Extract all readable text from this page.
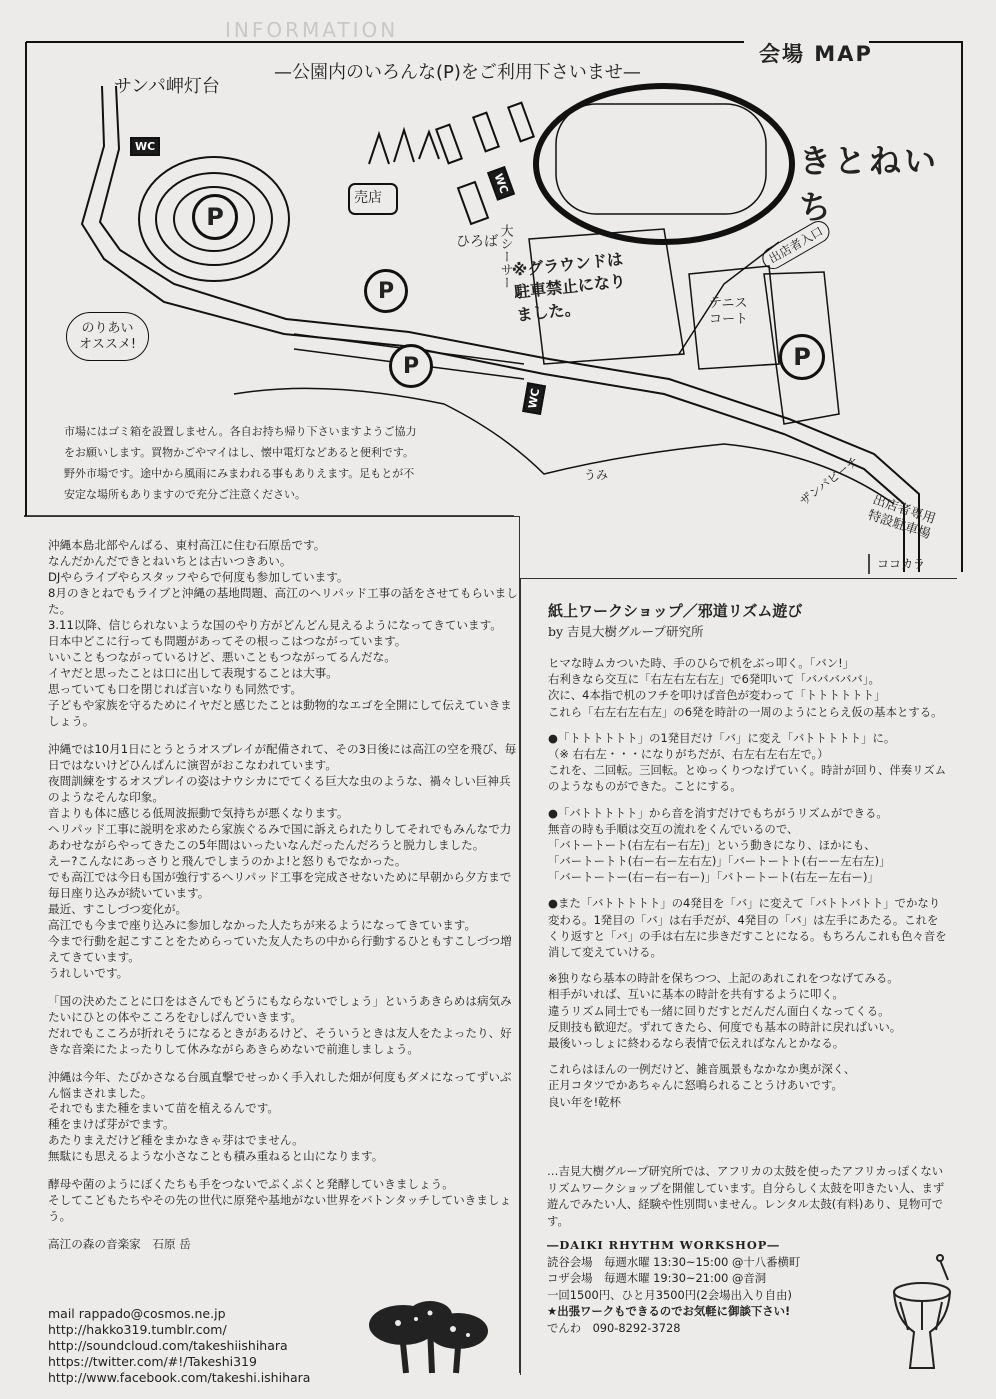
INFORMATION
会場 MAP
—公園内のいろんな(P)をご利用下さいませ—
サンパ岬灯台
きとねいち
※グラウンドは
駐車禁止になり
ました。
売店
ひろば 大シーサー
テニスコート
出店者入口
うみ	ザンパビーチ
のりあい
オススメ!
出店者専用
特設駐車場
ココカラ
P
P
P	P
WC
WC
WC
市場にはゴミ箱を設置しません。各自お持ち帰り下さいますようご協力をお願いします。買物かごやマイはし、懐中電灯などあると便利です。野外市場です。途中から風雨にみまわれる事もありえます。足もとが不安定な場所もありますので充分ご注意ください。

沖縄本島北部やんばる、東村高江に住む石原岳です。
なんだかんだできとねいちとは古いつきあい。
DJやらライブやらスタッフやらで何度も参加しています。
8月のきとねでもライブと沖縄の基地問題、高江のヘリパッド工事の話をさせてもらいました。
3.11以降、信じられないような国のやり方がどんどん見えるようになってきています。
日本中どこに行っても問題があってその根っこはつながっています。
いいこともつながっているけど、悪いこともつながってるんだな。
イヤだと思ったことは口に出して表現することは大事。
思っていても口を閉じれば言いなりも同然です。
子どもや家族を守るためにイヤだと感じたことは動物的なエゴを全開にして伝えていきましょう。

沖縄では10月1日にとうとうオスプレイが配備されて、その3日後には高江の空を飛び、毎日ではないけどひんぱんに演習がおこなわれています。
夜間訓練をするオスプレイの姿はナウシカにでてくる巨大な虫のような、禍々しい巨神兵のようなそんな印象。
音よりも体に感じる低周波振動で気持ちが悪くなります。
ヘリパッド工事に説明を求めたら家族ぐるみで国に訴えられたりしてそれでもみんなで力あわせながらやってきたこの5年間はいったいなんだったんだろうと脱力しました。
えー?こんなにあっさりと飛んでしまうのかよ!と怒りもでなかった。
でも高江では今日も国が強行するヘリパッド工事を完成させないために早朝から夕方まで毎日座り込みが続いています。
最近、すこしづつ変化が。
高江でも今まで座り込みに参加しなかった人たちが来るようになってきています。
今まで行動を起こすことをためらっていた友人たちの中から行動するひともすこしづつ増えてきています。
うれしいです。

「国の決めたことに口をはさんでもどうにもならないでしょう」というあきらめは病気みたいにひとの体やこころをむしばんでいきます。
だれでもこころが折れそうになるときがあるけど、そういうときは友人をたよったり、好きな音楽にたよったりして休みながらあきらめないで前進しましょう。

沖縄は今年、たびかさなる台風直撃でせっかく手入れした畑が何度もダメになってずいぶん悩まされました。
それでもまた種をまいて苗を植えるんです。
種をまけば芽がでます。
あたりまえだけど種をまかなきゃ芽はでません。
無駄にも思えるような小さなことも積み重ねると山になります。

酵母や菌のようにぼくたちも手をつないでぷくぷくと発酵していきましょう。
そしてこどもたちやその先の世代に原発や基地がない世界をバトンタッチしていきましょう。

高江の森の音楽家　石原 岳

mail rappado@cosmos.ne.jp
http://hakko319.tumblr.com/
http://soundcloud.com/takeshiishihara
https://twitter.com/#!/Takeshi319
http://www.facebook.com/takeshi.ishihara
紙上ワークショップ／邪道リズム遊び
by 吉見大樹グループ研究所

ヒマな時ムカついた時、手のひらで机をぶっ叩く。「バン!」
右利きなら交互に「右左右左右左」で6発叩いて「バババババ」。
次に、4本指で机のフチを叩けば音色が変わって「トトトトトト」
これら「右左右左右左」の6発を時計の一周のようにとらえ仮の基本とする。

●「トトトトトト」の1発目だけ「バ」に変え「バトトトトト」に。
（※ 右右左・・・になりがちだが、右左右左右左で。）
これを、二回転。三回転。とゆっくりつなげていく。時計が回り、伴奏リズムのようなものができた。ことにする。

●「バトトトトト」から音を消すだけでもちがうリズムができる。
無音の時も手順は交互の流れをくんでいるので、
「バトートート(右左右ー右左)」という動きになり、ほかにも、
「バートートト(右ー右ー左右左)」「バートートト(右ーー左右左)」
「バートートー(右ー右ー右ー)」「バトートート(右左ー左右ー)」

●また「バトトトトト」の4発目を「バ」に変えて「バトトバトト」でかなり変わる。1発目の「バ」は右手だが、4発目の「バ」は左手にあたる。これをくり返すと「バ」の手は右左に歩きだすことになる。もちろんこれも色々音を消して変えていける。

※独りなら基本の時計を保ちつつ、上記のあれこれをつなげてみる。
相手がいれば、互いに基本の時計を共有するように叩く。
違うリズム同士でも一緒に回りだすとだんだん面白くなってくる。
反則技も歓迎だ。ずれてきたら、何度でも基本の時計に戻ればいい。
最後いっしょに終わるなら表情で伝えればなんとかなる。

これらはほんの一例だけど、雑音風景もなかなか奥が深く、
正月コタツでかあちゃんに怒鳴られることうけあいです。
良い年を!乾杯

…吉見大樹グループ研究所では、アフリカの太鼓を使ったアフリカっぽくないリズムワークショップを開催しています。自分らしく太鼓を叩きたい人、まず遊んでみたい人、経験や性別問いません。レンタル太鼓(有料)あり、見物可です。

―DAIKI RHYTHM WORKSHOP―
読谷会場　毎週水曜 13:30~15:00 @十八番横町
コザ会場　毎週木曜 19:30~21:00 @音洞
一回1500円、ひと月3500円(2会場出入り自由)
★出張ワークもできるのでお気軽に御談下さい!
でんわ　090-8292-3728
